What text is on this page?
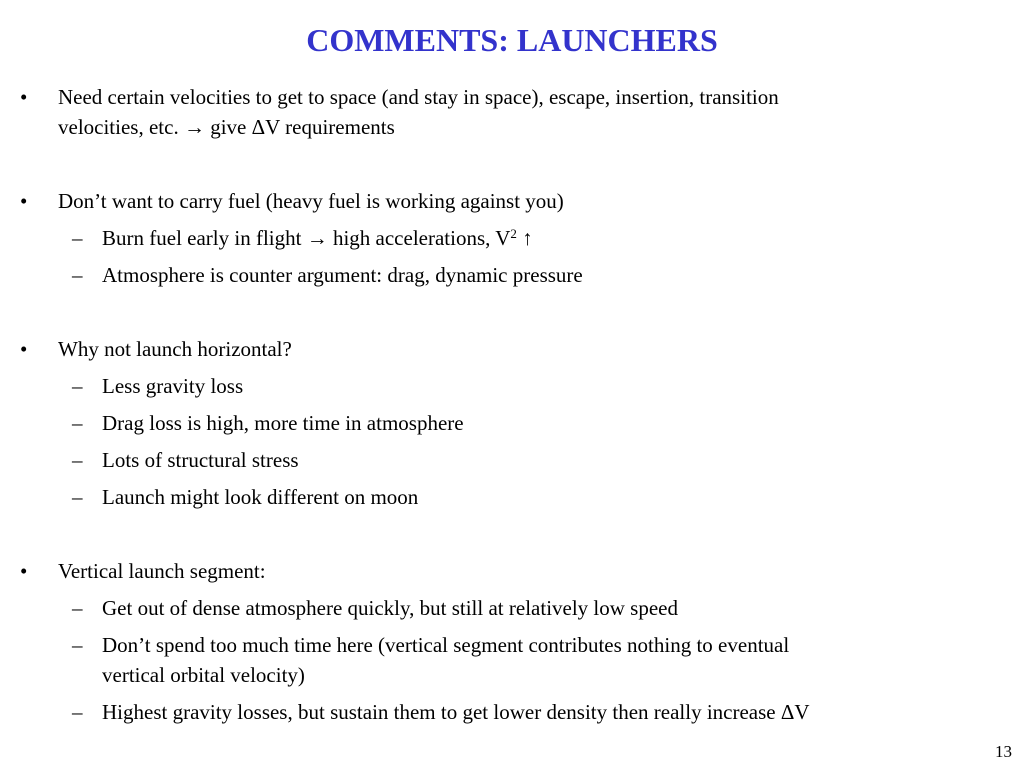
COMMENTS: LAUNCHERS
• Need certain velocities to get to space (and stay in space), escape, insertion, transition
velocities, etc. → give ΔV requirements
• Don’t want to carry fuel (heavy fuel is working against you)
– Burn fuel early in flight → high accelerations, $V^2$ ↑
– Atmosphere is counter argument: drag, dynamic pressure
• Why not launch horizontal?
– Less gravity loss
– Drag loss is high, more time in atmosphere
– Lots of structural stress
– Launch might look different on moon
• Vertical launch segment:
– Get out of dense atmosphere quickly, but still at relatively low speed
– Don’t spend too much time here (vertical segment contributes nothing to eventual
vertical orbital velocity)
– Highest gravity losses, but sustain them to get lower density then really increase ΔV
13
